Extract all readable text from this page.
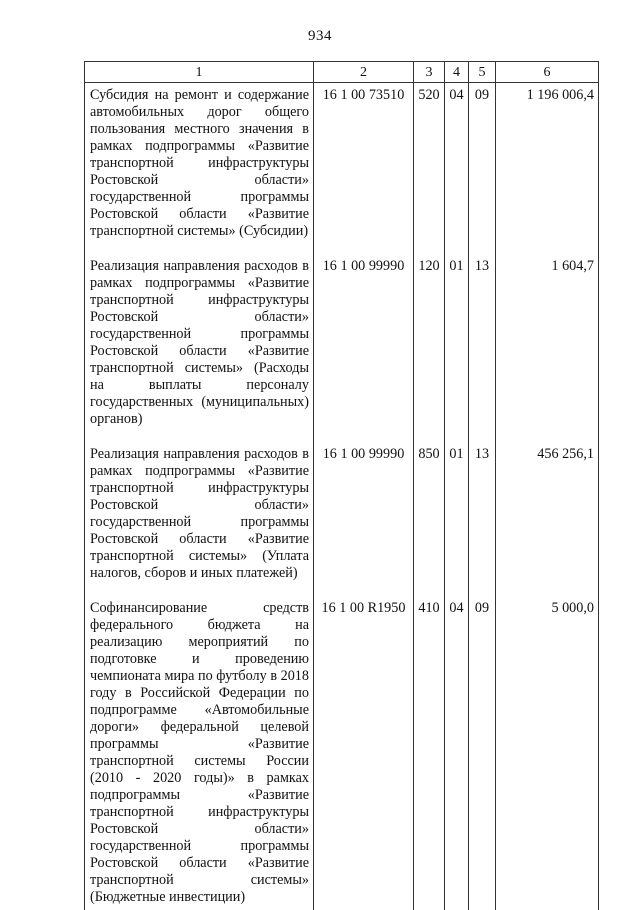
934
1	2	3	4	5	6
Субсидия на ремонт и содержание автомобильных дорог общего пользования местного значения в рамках подпрограммы «Развитие транспортной инфраструктуры Ростовской области» государственной программы Ростовской области «Развитие транспортной системы» (Субсидии)	16 1 00 73510	520	04	09	1 196 006,4
Реализация направления расходов в рамках подпрограммы «Развитие транспортной инфраструктуры Ростовской области» государственной программы Ростовской области «Развитие транспортной системы» (Расходы на выплаты персоналу государственных (муниципальных) органов)	16 1 00 99990	120	01	13	1 604,7
Реализация направления расходов в рамках подпрограммы «Развитие транспортной инфраструктуры Ростовской области» государственной программы Ростовской области «Развитие транспортной системы» (Уплата налогов, сборов и иных платежей)	16 1 00 99990	850	01	13	456 256,1
Софинансирование средств федерального бюджета на реализацию мероприятий по подготовке и проведению чемпионата мира по футболу в 2018 году в Российской Федерации по подпрограмме «Автомобильные дороги» федеральной целевой программы «Развитие транспортной системы России (2010 - 2020 годы)» в рамках подпрограммы «Развитие транспортной инфраструктуры Ростовской области» государственной программы Ростовской области «Развитие транспортной системы» (Бюджетные инвестиции)	16 1 00 R1950	410	04	09	5 000,0
